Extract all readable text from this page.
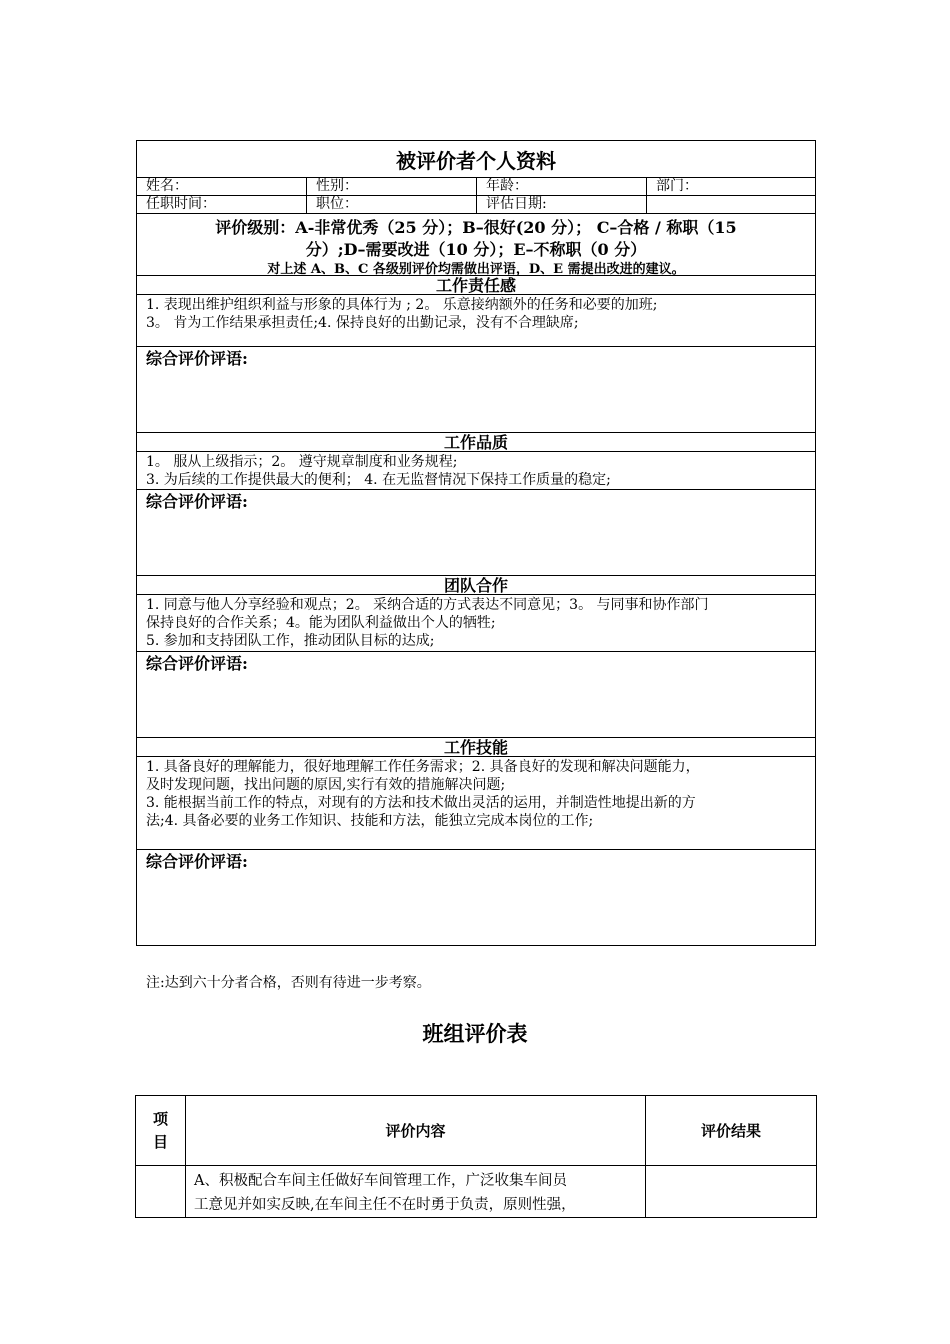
被评价者个人资料
姓名：	性别：	年龄：	部门：
任职时间：	职位：	评估日期:
评价级别：A-非常优秀（25 分）；B–很好(20 分）； C–合格 / 称职（15
分）;D–需要改进（10 分）；E–不称职（0 分）
对上述 A、B、C 各级别评价均需做出评语，D、E 需提出改进的建议。
工作责任感
1. 表现出维护组织利益与形象的具体行为 ; 2。 乐意接纳额外的任务和必要的加班;
3。 肯为工作结果承担责任;4. 保持良好的出勤记录，没有不合理缺席;
综合评价评语:
工作品质
1。 服从上级指示；2。 遵守规章制度和业务规程;
3. 为后续的工作提供最大的便利； 4. 在无监督情况下保持工作质量的稳定;
综合评价评语:
团队合作
1. 同意与他人分享经验和观点；2。 采纳合适的方式表达不同意见；3。 与同事和协作部门
保持良好的合作关系；4。能为团队利益做出个人的牺牲;
5. 参加和支持团队工作，推动团队目标的达成;
综合评价评语:
工作技能
1. 具备良好的理解能力，很好地理解工作任务需求；2. 具备良好的发现和解决问题能力，
及时发现问题，找出问题的原因,实行有效的措施解决问题;
3. 能根据当前工作的特点，对现有的方法和技术做出灵活的运用，并制造性地提出新的方
法;4. 具备必要的业务工作知识、技能和方法，能独立完成本岗位的工作;
综合评价评语:
注:达到六十分者合格，否则有待进一步考察。
班组评价表
项
目	评价内容	评价结果

	A、积极配合车间主任做好车间管理工作，广泛收集车间员
工意见并如实反映,在车间主任不在时勇于负责，原则性强，	
